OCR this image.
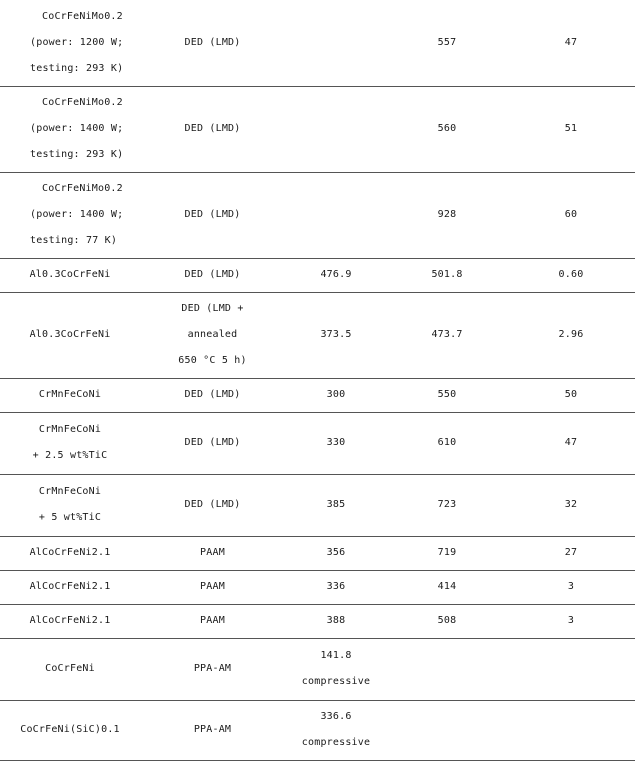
CoCrFeNiMo0.2
(power: 1200 W;
testing: 293 K)	DED (LMD)		557	47

CoCrFeNiMo0.2
(power: 1400 W;
testing: 293 K)	DED (LMD)		560	51

CoCrFeNiMo0.2
(power: 1400 W;
testing: 77 K)	DED (LMD)		928	60

Al0.3CoCrFeNi	DED (LMD)	476.9	501.8	0.60

Al0.3CoCrFeNi	DED (LMD +
annealed
650 °C 5 h)	373.5	473.7	2.96

CrMnFeCoNi	DED (LMD)	300	550	50

CrMnFeCoNi
+ 2.5 wt%TiC	DED (LMD)	330	610	47

CrMnFeCoNi
+ 5 wt%TiC	DED (LMD)	385	723	32

AlCoCrFeNi2.1	PAAM	356	719	27

AlCoCrFeNi2.1	PAAM	336	414	3

AlCoCrFeNi2.1	PAAM	388	508	3

CoCrFeNi	PPA-AM	141.8
compressive		

CoCrFeNi(SiC)0.1	PPA-AM	336.6
compressive		
